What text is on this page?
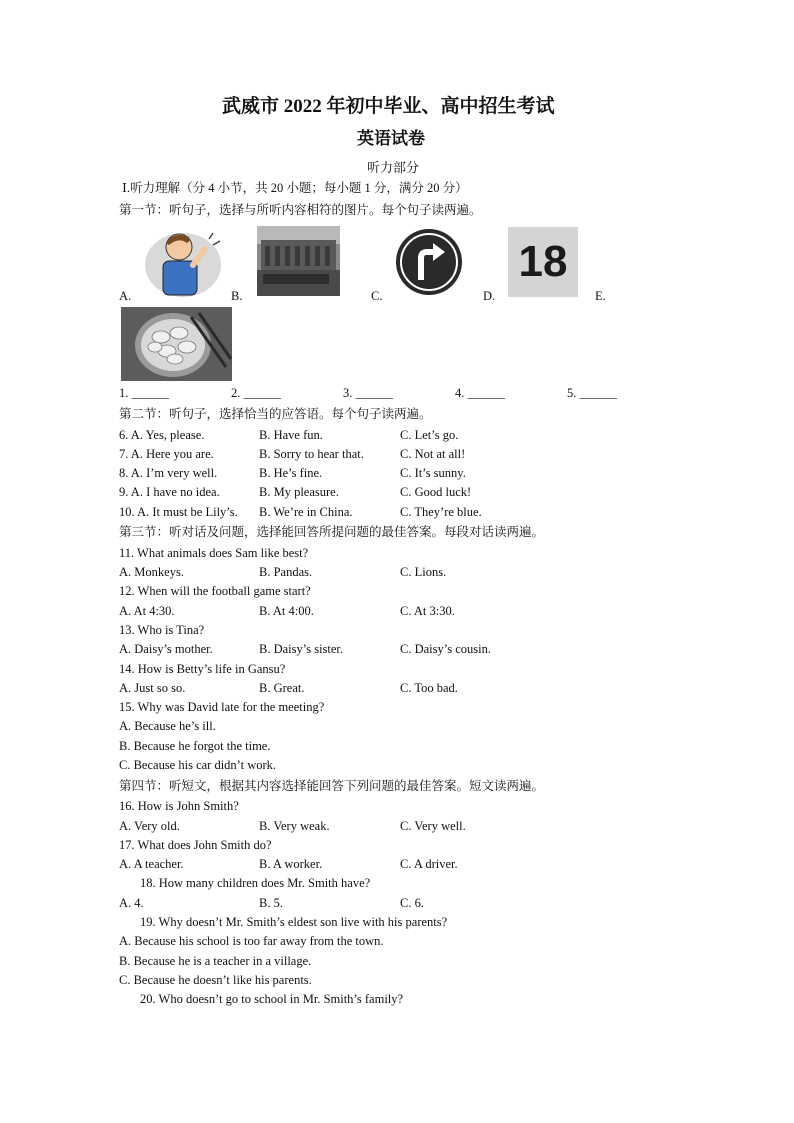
武威市 2022 年初中毕业、高中招生考试
英语试卷
听力部分
Ⅰ.听力理解（分 4 小节，共 20 小题；每小题 1 分，满分 20 分）
第一节：听句子，选择与所听内容相符的图片。每个句子读两遍。
A.	B.	C.
18
D.	E.
1. ______	2. ______	3. ______	4. ______	5. ______
第二节：听句子，选择恰当的应答语。每个句子读两遍。
6. A. Yes, please.	B. Have fun.	C. Let’s go.
7. A. Here you are.	B. Sorry to hear that.	C. Not at all!
8. A. I’m very well.	B. He’s fine.	C. It’s sunny.
9. A. I have no idea.	B. My pleasure.	C. Good luck!
10. A. It must be Lily’s. B. We’re in China.	C. They’re blue.
第三节：听对话及问题，选择能回答所提问题的最佳答案。每段对话读两遍。
11. What animals does Sam like best?
A. Monkeys.	B. Pandas.	C. Lions.
12. When will the football game start?
A. At 4:30.	B. At 4:00.	C. At 3:30.
13. Who is Tina?
A. Daisy’s mother.	B. Daisy’s sister.	C. Daisy’s cousin.
14. How is Betty’s life in Gansu?
A. Just so so.	B. Great.	C. Too bad.
15. Why was David late for the meeting?
A. Because he’s ill.
B. Because he forgot the time.
C. Because his car didn’t work.
第四节：听短文，根据其内容选择能回答下列问题的最佳答案。短文读两遍。
16. How is John Smith?
A. Very old.	B. Very weak.	C. Very well.
17. What does John Smith do?
A. A teacher.	B. A worker.	C. A driver.
18. How many children does Mr. Smith have?
A. 4.	B. 5.	C. 6.
19. Why doesn’t Mr. Smith’s eldest son live with his parents?
A. Because his school is too far away from the town.
B. Because he is a teacher in a village.
C. Because he doesn’t like his parents.
20. Who doesn’t go to school in Mr. Smith’s family?
